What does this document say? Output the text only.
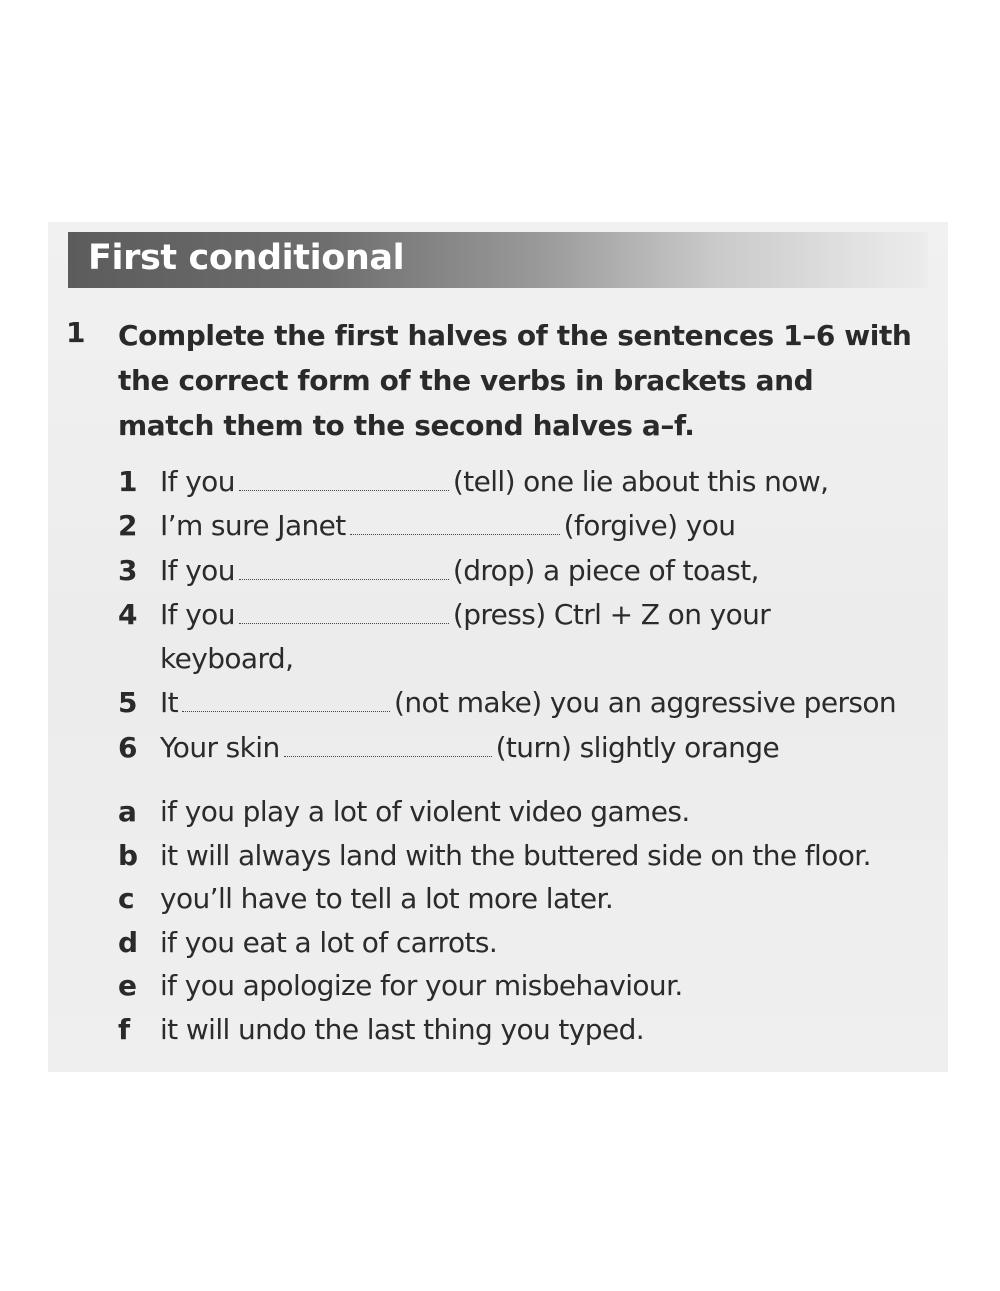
First conditional
1 Complete the first halves of the sentences 1–6 with the correct form of the verbs in brackets and match them to the second halves a–f.
1 If you	(tell) one lie about this now,
2 I’m sure Janet	(forgive) you
3 If you	(drop) a piece of toast,
4 If you	(press) Ctrl + Z on your
keyboard,
5 It	(not make) you an aggressive person
6 Your skin	(turn) slightly orange
a if you play a lot of violent video games.
b it will always land with the buttered side on the floor.
c you’ll have to tell a lot more later.
d if you eat a lot of carrots.
e if you apologize for your misbehaviour.
f	it will undo the last thing you typed.
